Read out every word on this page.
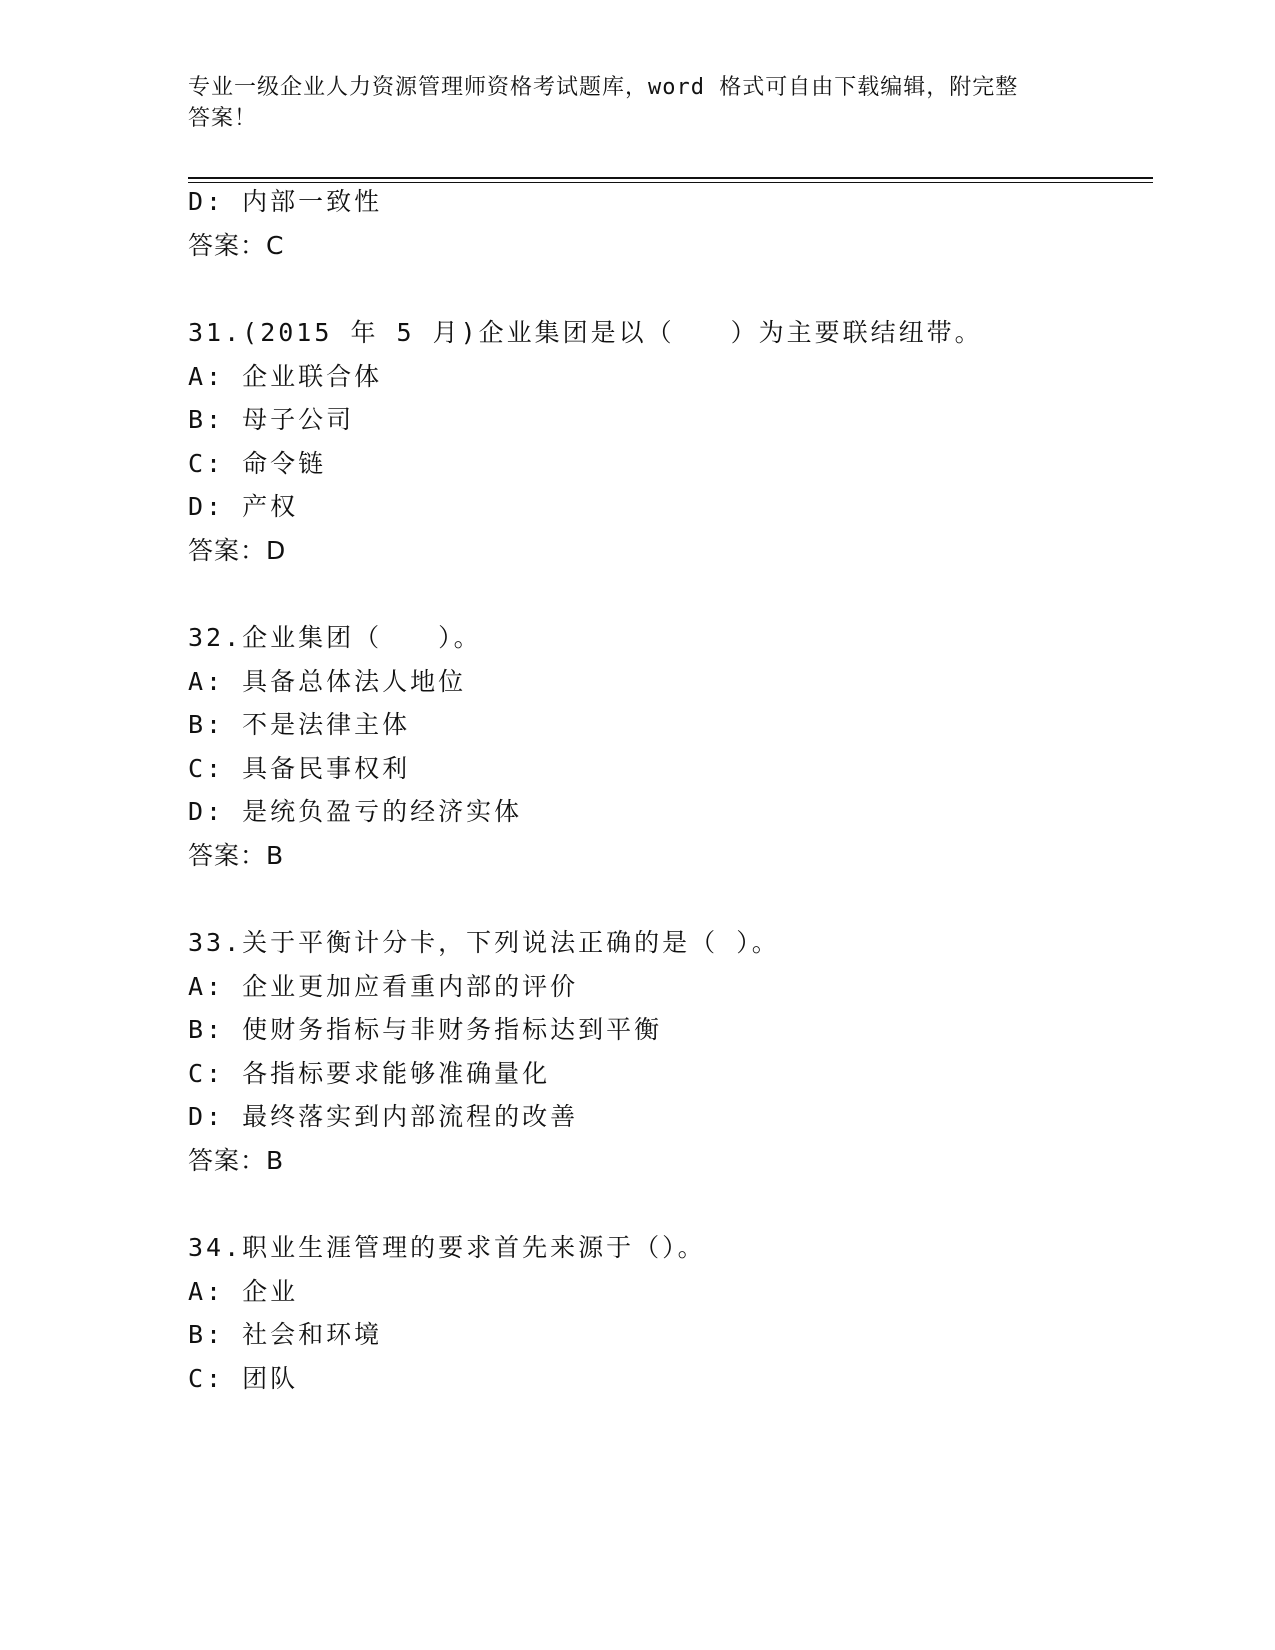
专业一级企业人力资源管理师资格考试题库，word 格式可自由下载编辑，附完整
答案！
D: 内部一致性
答案：C
31.(2015 年 5 月)企业集团是以（　　）为主要联结纽带。
A: 企业联合体
B: 母子公司
C: 命令链
D: 产权
答案：D
32.企业集团（　　）。
A: 具备总体法人地位
B: 不是法律主体
C: 具备民事权利
D: 是统负盈亏的经济实体
答案：B
33.关于平衡计分卡，下列说法正确的是（ ）。
A: 企业更加应看重内部的评价
B: 使财务指标与非财务指标达到平衡
C: 各指标要求能够准确量化
D: 最终落实到内部流程的改善
答案：B
34.职业生涯管理的要求首先来源于（）。
A: 企业
B: 社会和环境
C: 团队
